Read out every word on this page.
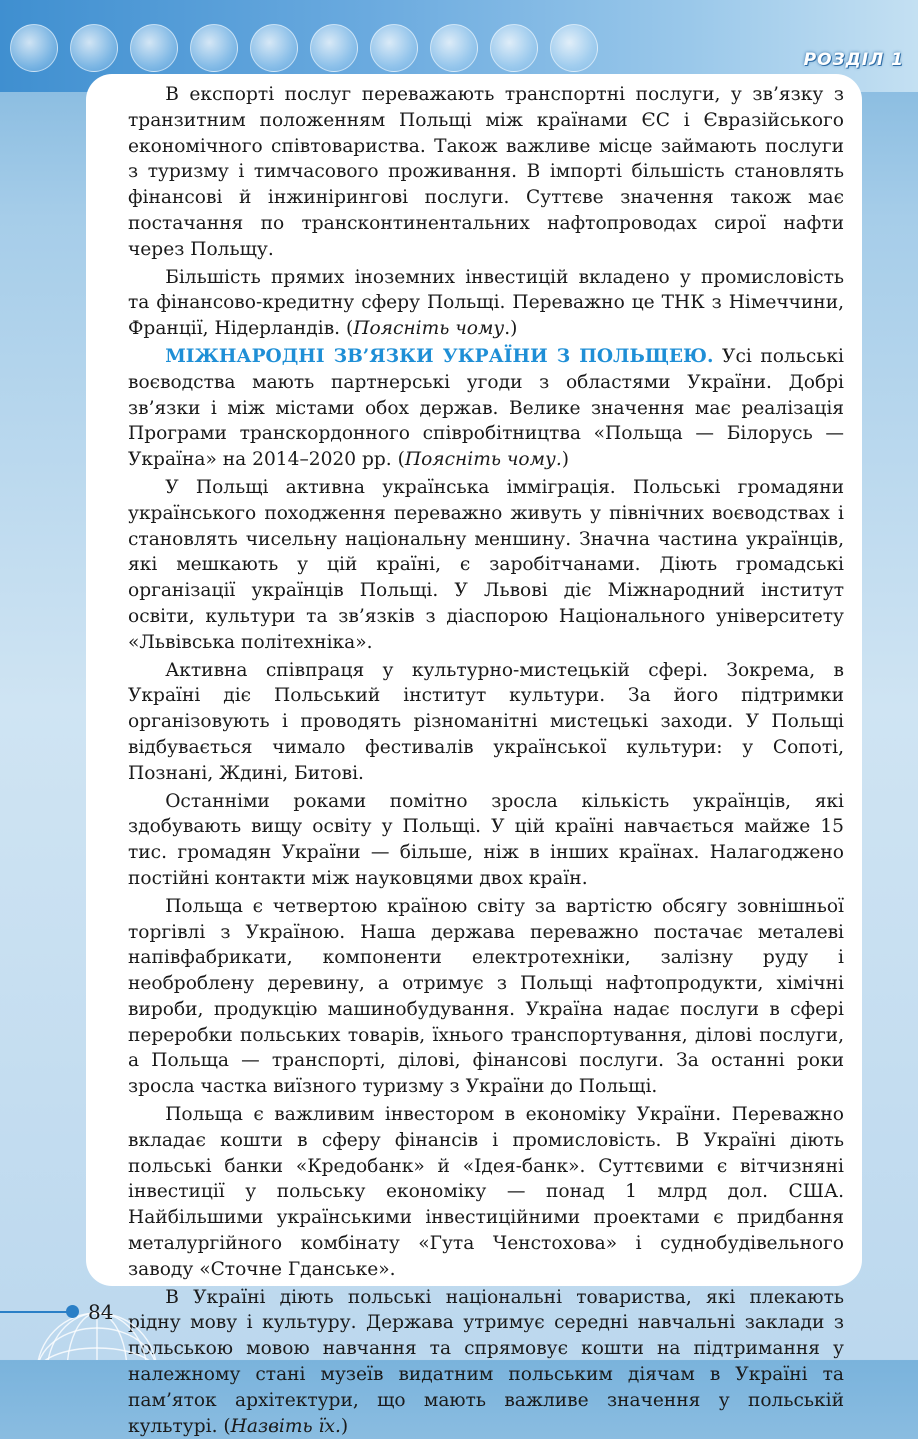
РОЗДІЛ 1

В експорті послуг переважають транспортні послуги, у зв’язку з транзитним положенням Польщі між країнами ЄС і Євразійського економічного співтовариства. Також важливе місце займають послуги з туризму і тимчасового проживання. В імпорті більшість становлять фінансові й інжинірингові послуги. Суттєве значення також має постачання по трансконтинентальних нафтопроводах сирої нафти через Польщу.

Більшість прямих іноземних інвестицій вкладено у промисловість та фінансово-кредитну сферу Польщі. Переважно це ТНК з Німеччини, Франції, Нідерландів. (Поясніть чому.)

МІЖНАРОДНІ ЗВ’ЯЗКИ УКРАЇНИ З ПОЛЬЩЕЮ. Усі польські воєводства мають партнерські угоди з областями України. Добрі зв’язки і між містами обох держав. Велике значення має реалізація Програми транскордонного співробітництва «Польща — Білорусь — Україна» на 2014–2020 рр. (Поясніть чому.)

У Польщі активна українська імміграція. Польські громадяни українського походження переважно живуть у північних воєводствах і становлять чисельну національну меншину. Значна частина українців, які мешкають у цій країні, є заробітчанами. Діють громадські організації українців Польщі. У Львові діє Міжнародний інститут освіти, культури та зв’язків з діаспорою Національного університету «Львівська політехніка».

Активна співпраця у культурно-мистецькій сфері. Зокрема, в Україні діє Польський інститут культури. За його підтримки організовують і проводять різноманітні мистецькі заходи. У Польщі відбувається чимало фестивалів української культури: у Сопоті, Познані, Ждині, Битові.

Останніми роками помітно зросла кількість українців, які здобувають вищу освіту у Польщі. У цій країні навчається майже 15 тис. громадян України — більше, ніж в інших країнах. Налагоджено постійні контакти між науковцями двох країн.

Польща є четвертою країною світу за вартістю обсягу зовнішньої торгівлі з Україною. Наша держава переважно постачає металеві напівфабрикати, компоненти електротехніки, залізну руду і необроблену деревину, а отримує з Польщі нафтопродукти, хімічні вироби, продукцію машинобудування. Україна надає послуги в сфері переробки польських товарів, їхнього транспортування, ділові послуги, а Польща — транспорті, ділові, фінансові послуги. За останні роки зросла частка виїзного туризму з України до Польщі.

Польща є важливим інвестором в економіку України. Переважно вкладає кошти в сферу фінансів і промисловість. В Україні діють польські банки «Кредобанк» й «Ідея-банк». Суттєвими є вітчизняні інвестиції у польську економіку — понад 1 млрд дол. США. Найбільшими українськими інвестиційними проектами є придбання металургійного комбінату «Гута Ченстохова» і суднобудівельного заводу «Сточне Гданське».

В Україні діють польські національні товариства, які плекають рідну мову і культуру. Держава утримує середні навчальні заклади з польською мовою навчання та спрямовує кошти на підтримання у належному стані музеїв видатним польським діячам в Україні та пам’яток архітектури, що мають важливе значення у польській культурі. (Назвіть їх.)

84
